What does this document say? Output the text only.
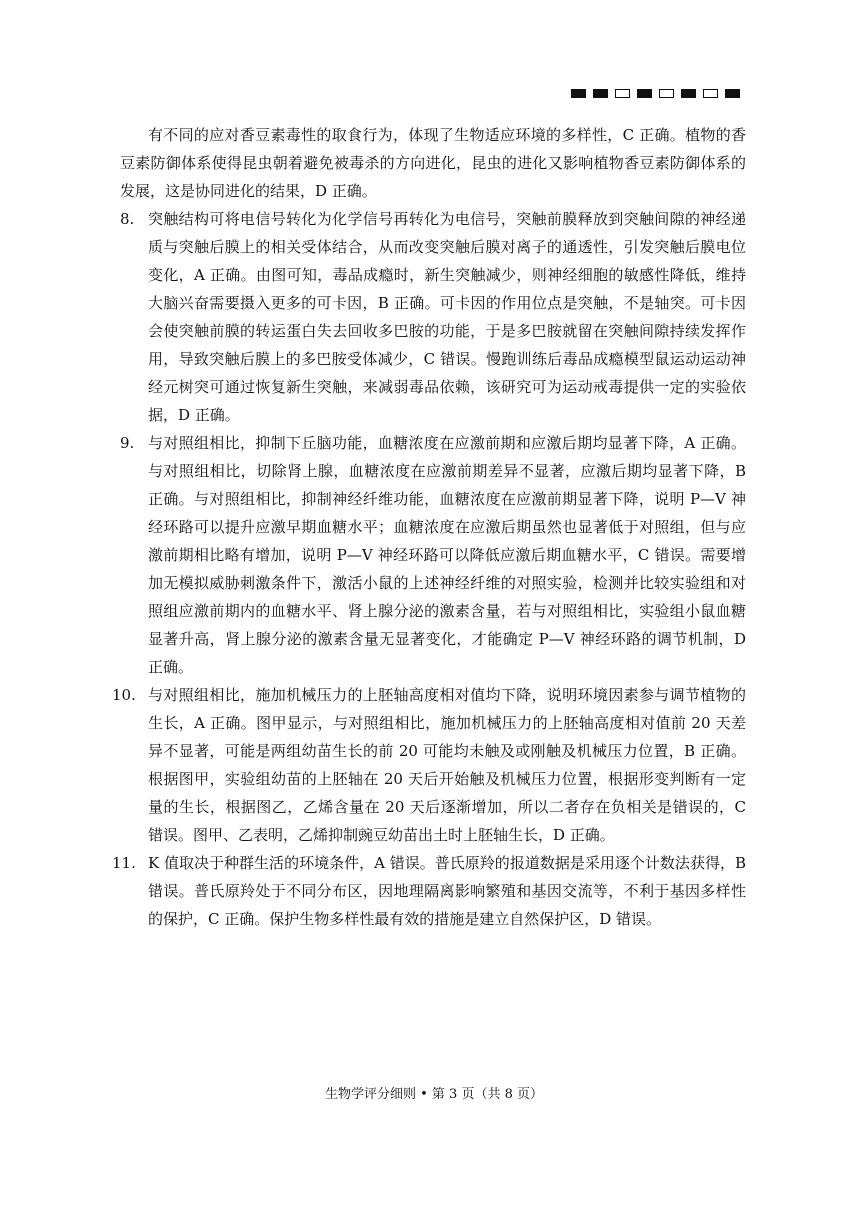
有不同的应对香豆素毒性的取食行为，体现了生物适应环境的多样性，C 正确。植物的香豆素防御体系使得昆虫朝着避免被毒杀的方向进化，昆虫的进化又影响植物香豆素防御体系的发展，这是协同进化的结果，D 正确。

8. 突触结构可将电信号转化为化学信号再转化为电信号，突触前膜释放到突触间隙的神经递质与突触后膜上的相关受体结合，从而改变突触后膜对离子的通透性，引发突触后膜电位变化，A 正确。由图可知，毒品成瘾时，新生突触减少，则神经细胞的敏感性降低，维持大脑兴奋需要摄入更多的可卡因，B 正确。可卡因的作用位点是突触，不是轴突。可卡因会使突触前膜的转运蛋白失去回收多巴胺的功能，于是多巴胺就留在突触间隙持续发挥作用，导致突触后膜上的多巴胺受体减少，C 错误。慢跑训练后毒品成瘾模型鼠运动运动神经元树突可通过恢复新生突触，来减弱毒品依赖，该研究可为运动戒毒提供一定的实验依据，D 正确。
9. 与对照组相比，抑制下丘脑功能，血糖浓度在应激前期和应激后期均显著下降，A 正确。与对照组相比，切除肾上腺，血糖浓度在应激前期差异不显著，应激后期均显著下降，B 正确。与对照组相比，抑制神经纤维功能，血糖浓度在应激前期显著下降，说明 P—V 神经环路可以提升应激早期血糖水平；血糖浓度在应激后期虽然也显著低于对照组，但与应激前期相比略有增加，说明 P—V 神经环路可以降低应激后期血糖水平，C 错误。需要增加无模拟威胁刺激条件下，激活小鼠的上述神经纤维的对照实验，检测并比较实验组和对照组应激前期内的血糖水平、肾上腺分泌的激素含量，若与对照组相比，实验组小鼠血糖显著升高，肾上腺分泌的激素含量无显著变化，才能确定 P—V 神经环路的调节机制，D 正确。
10. 与对照组相比，施加机械压力的上胚轴高度相对值均下降，说明环境因素参与调节植物的生长，A 正确。图甲显示，与对照组相比，施加机械压力的上胚轴高度相对值前 20 天差异不显著，可能是两组幼苗生长的前 20 可能均未触及或刚触及机械压力位置，B 正确。根据图甲，实验组幼苗的上胚轴在 20 天后开始触及机械压力位置，根据形变判断有一定量的生长，根据图乙，乙烯含量在 20 天后逐渐增加，所以二者存在负相关是错误的，C 错误。图甲、乙表明，乙烯抑制豌豆幼苗出土时上胚轴生长，D 正确。
11. K 值取决于种群生活的环境条件，A 错误。普氏原羚的报道数据是采用逐个计数法获得，B 错误。普氏原羚处于不同分布区，因地理隔离影响繁殖和基因交流等，不利于基因多样性的保护，C 正确。保护生物多样性最有效的措施是建立自然保护区，D 错误。
生物学评分细则 • 第 3 页（共 8 页）
